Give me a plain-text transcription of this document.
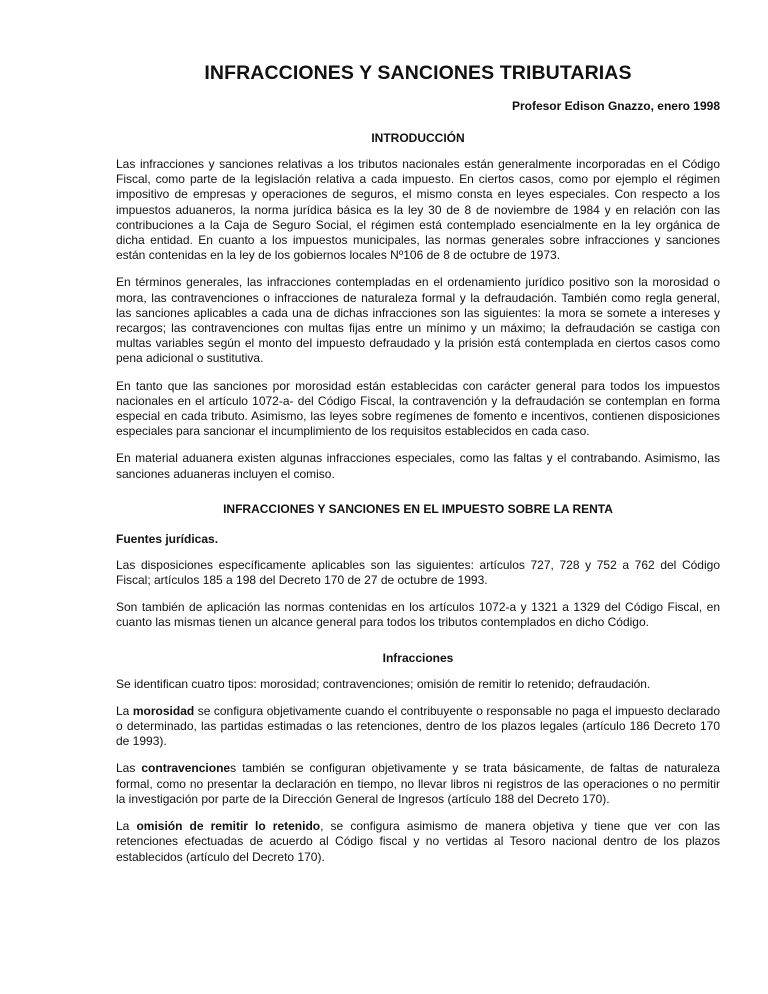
INFRACCIONES Y SANCIONES TRIBUTARIAS
Profesor Edison Gnazzo, enero 1998
INTRODUCCIÓN

Las infracciones y sanciones relativas a los tributos nacionales están generalmente incorporadas en el Código Fiscal, como parte de la legislación relativa a cada impuesto. En ciertos casos, como por ejemplo el régimen impositivo de empresas y operaciones de seguros, el mismo consta en leyes especiales. Con respecto a los impuestos aduaneros, la norma jurídica básica es la ley 30 de 8 de noviembre de 1984 y en relación con las contribuciones a la Caja de Seguro Social, el régimen está contemplado esencialmente en la ley orgánica de dicha entidad. En cuanto a los impuestos municipales, las normas generales sobre infracciones y sanciones están contenidas en la ley de los gobiernos locales Nº106 de 8 de octubre de 1973.

En términos generales, las infracciones contempladas en el ordenamiento jurídico positivo son la morosidad o mora, las contravenciones o infracciones de naturaleza formal y la defraudación. También como regla general, las sanciones aplicables a cada una de dichas infracciones son las siguientes: la mora se somete a intereses y recargos; las contravenciones con multas fijas entre un mínimo y un máximo; la defraudación se castiga con multas variables según el monto del impuesto defraudado y la prisión está contemplada en ciertos casos como pena adicional o sustitutiva.

En tanto que las sanciones por morosidad están establecidas con carácter general para todos los impuestos nacionales en el artículo 1072-a- del Código Fiscal, la contravención y la defraudación se contemplan en forma especial en cada tributo. Asimismo, las leyes sobre regímenes de fomento e incentivos, contienen disposiciones especiales para sancionar el incumplimiento de los requisitos establecidos en cada caso.

En material aduanera existen algunas infracciones especiales, como las faltas y el contrabando. Asimismo, las sanciones aduaneras incluyen el comiso.

INFRACCIONES Y SANCIONES EN EL IMPUESTO SOBRE LA RENTA
Fuentes jurídicas.

Las disposiciones específicamente aplicables son las siguientes: artículos 727, 728 y 752 a 762 del Código Fiscal; artículos 185 a 198 del Decreto 170 de 27 de octubre de 1993.

Son también de aplicación las normas contenidas en los artículos 1072-a y 1321 a 1329 del Código Fiscal, en cuanto las mismas tienen un alcance general para todos los tributos contemplados en dicho Código.

Infracciones

Se identifican cuatro tipos: morosidad; contravenciones; omisión de remitir lo retenido; defraudación.

La morosidad se configura objetivamente cuando el contribuyente o responsable no paga el impuesto declarado o determinado, las partidas estimadas o las retenciones, dentro de los plazos legales (artículo 186 Decreto 170 de 1993).

Las contravenciones también se configuran objetivamente y se trata básicamente, de faltas de naturaleza formal, como no presentar la declaración en tiempo, no llevar libros ni registros de las operaciones o no permitir la investigación por parte de la Dirección General de Ingresos (artículo 188 del Decreto 170).

La omisión de remitir lo retenido, se configura asimismo de manera objetiva y tiene que ver con las retenciones efectuadas de acuerdo al Código fiscal y no vertidas al Tesoro nacional dentro de los plazos establecidos (artículo del Decreto 170).
